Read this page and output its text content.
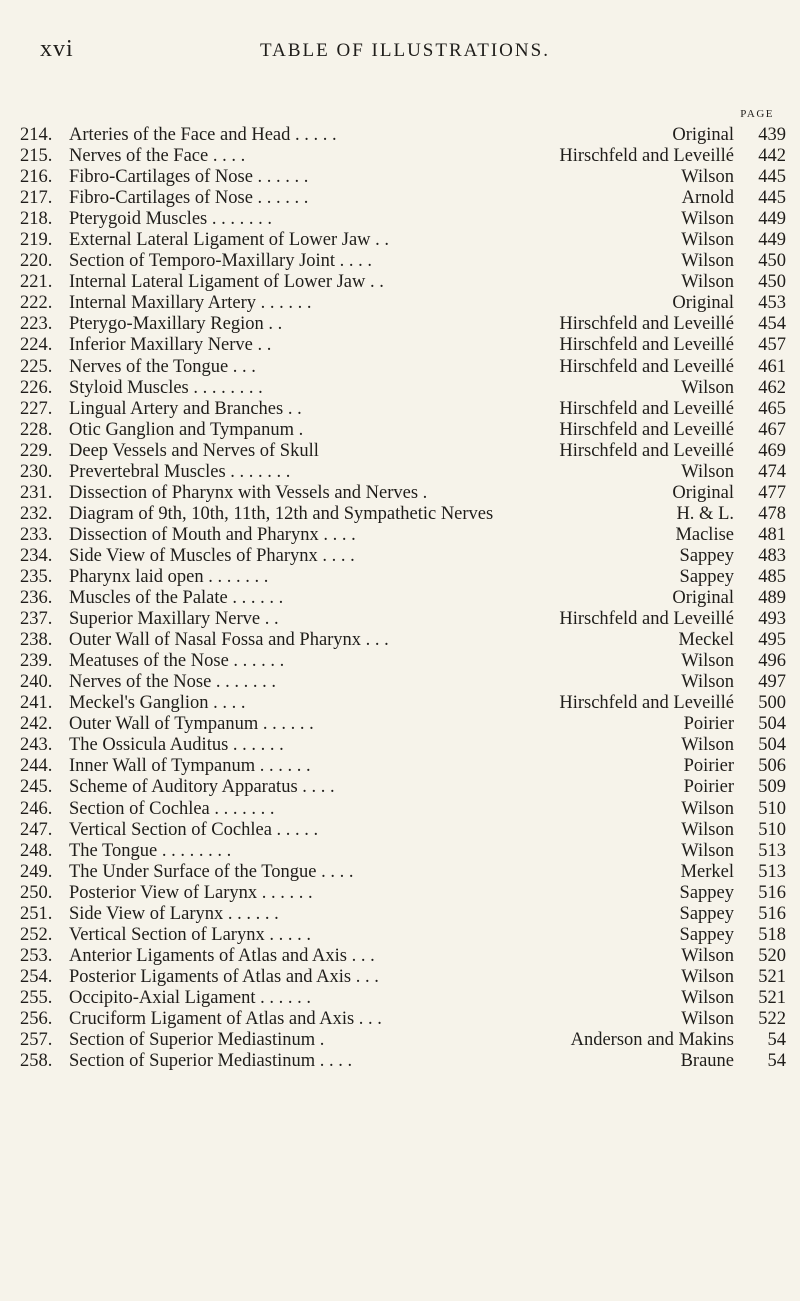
xvi	TABLE OF ILLUSTRATIONS.
PAGE
214. Arteries of the Face and Head . . . . .	Original	439
215. Nerves of the Face . . . .	Hirschfeld and Leveillé	442
216. Fibro-Cartilages of Nose . . . . . .	Wilson	445
217. Fibro-Cartilages of Nose . . . . . .	Arnold	445
218. Pterygoid Muscles . . . . . . .	Wilson	449
219. External Lateral Ligament of Lower Jaw . .	Wilson	449
220. Section of Temporo-Maxillary Joint . . . .	Wilson	450
221. Internal Lateral Ligament of Lower Jaw . .	Wilson	450
222. Internal Maxillary Artery . . . . . .	Original	453
223. Pterygo-Maxillary Region . .	Hirschfeld and Leveillé	454
224. Inferior Maxillary Nerve . .	Hirschfeld and Leveillé	457
225. Nerves of the Tongue . . .	Hirschfeld and Leveillé	461
226. Styloid Muscles . . . . . . . .	Wilson	462
227. Lingual Artery and Branches . .	Hirschfeld and Leveillé	465
228. Otic Ganglion and Tympanum .	Hirschfeld and Leveillé	467
229. Deep Vessels and Nerves of Skull	Hirschfeld and Leveillé	469
230. Prevertebral Muscles . . . . . . .	Wilson	474
231. Dissection of Pharynx with Vessels and Nerves .	Original	477
232. Diagram of 9th, 10th, 11th, 12th and Sympathetic Nerves	H. & L.	478
233. Dissection of Mouth and Pharynx . . . .	Maclise	481
234. Side View of Muscles of Pharynx . . . .	Sappey	483
235. Pharynx laid open . . . . . . .	Sappey	485
236. Muscles of the Palate . . . . . .	Original	489
237. Superior Maxillary Nerve . .	Hirschfeld and Leveillé	493
238. Outer Wall of Nasal Fossa and Pharynx . . .	Meckel	495
239. Meatuses of the Nose . . . . . .	Wilson	496
240. Nerves of the Nose . . . . . . .	Wilson	497
241. Meckel's Ganglion . . . .	Hirschfeld and Leveillé	500
242. Outer Wall of Tympanum . . . . . .	Poirier	504
243. The Ossicula Auditus . . . . . .	Wilson	504
244. Inner Wall of Tympanum . . . . . .	Poirier	506
245. Scheme of Auditory Apparatus . . . .	Poirier	509
246. Section of Cochlea . . . . . . .	Wilson	510
247. Vertical Section of Cochlea . . . . .	Wilson	510
248. The Tongue . . . . . . . .	Wilson	513
249. The Under Surface of the Tongue . . . .	Merkel	513
250. Posterior View of Larynx . . . . . .	Sappey	516
251. Side View of Larynx . . . . . .	Sappey	516
252. Vertical Section of Larynx . . . . .	Sappey	518
253. Anterior Ligaments of Atlas and Axis . . .	Wilson	520
254. Posterior Ligaments of Atlas and Axis . . .	Wilson	521
255. Occipito-Axial Ligament . . . . . .	Wilson	521
256. Cruciform Ligament of Atlas and Axis . . .	Wilson	522
257. Section of Superior Mediastinum .	Anderson and Makins	54
258. Section of Superior Mediastinum . . . .	Braune	54
